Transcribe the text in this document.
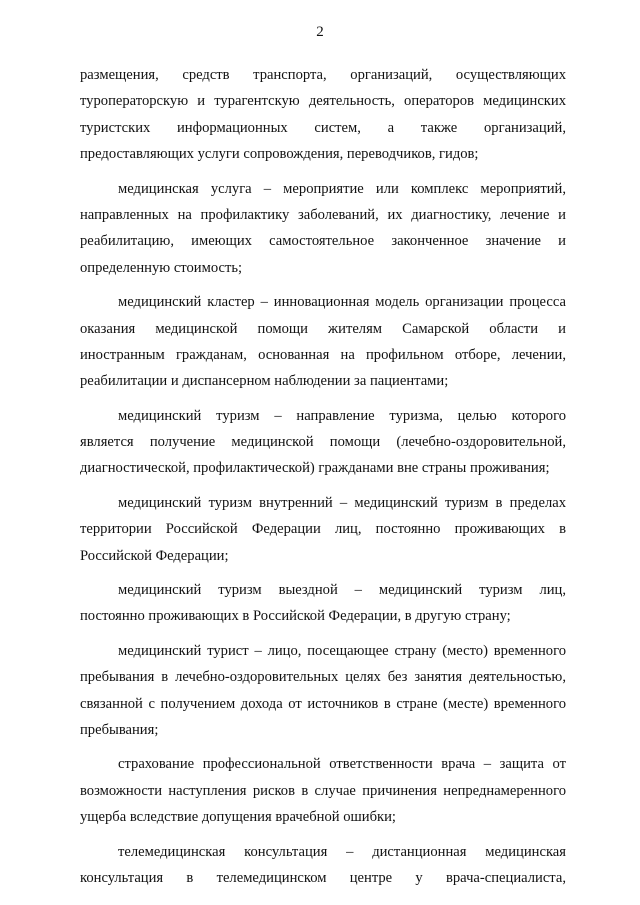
2
размещения, средств транспорта, организаций, осуществляющих
туроператорскую и турагентскую деятельность, операторов медицинских
туристских информационных систем, а также организаций,
предоставляющих услуги сопровождения, переводчиков, гидов;
медицинская услуга – мероприятие или комплекс мероприятий,
направленных на профилактику заболеваний, их диагностику, лечение и
реабилитацию, имеющих самостоятельное законченное значение и
определенную стоимость;
медицинский кластер – инновационная модель организации процесса
оказания медицинской помощи жителям Самарской области и
иностранным гражданам, основанная на профильном отборе, лечении,
реабилитации и диспансерном наблюдении за пациентами;
медицинский туризм – направление туризма, целью которого
является получение медицинской помощи (лечебно-оздоровительной,
диагностической, профилактической) гражданами вне страны проживания;
медицинский туризм внутренний – медицинский туризм в пределах
территории Российской Федерации лиц, постоянно проживающих в
Российской Федерации;
медицинский туризм выездной – медицинский туризм лиц,
постоянно проживающих в Российской Федерации, в другую страну;
медицинский турист – лицо, посещающее страну (место) временного
пребывания в лечебно-оздоровительных целях без занятия деятельностью,
связанной с получением дохода от источников в стране (месте) временного
пребывания;
страхование профессиональной ответственности врача – защита от
возможности наступления рисков в случае причинения непреднамеренного
ущерба вследствие допущения врачебной ошибки;
телемедицинская консультация – дистанционная медицинская
консультация в телемедицинском центре у врача-специалиста,
